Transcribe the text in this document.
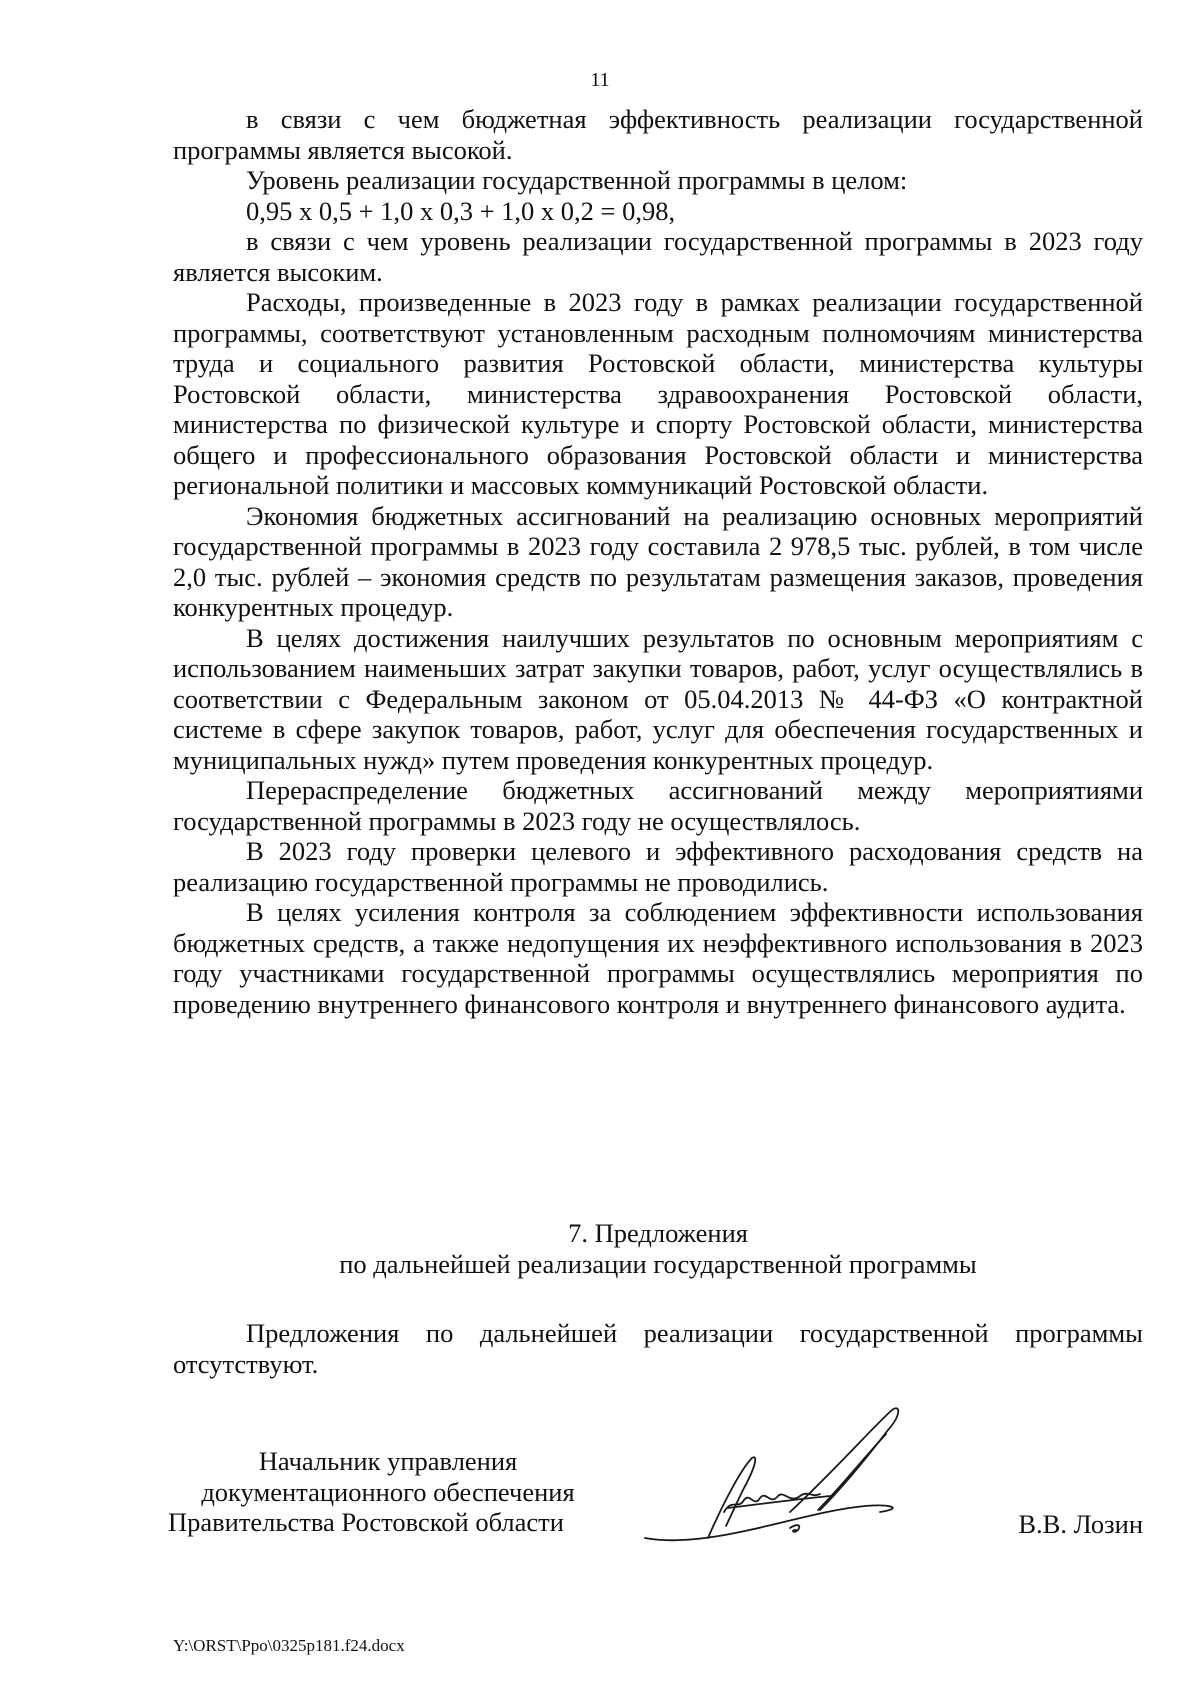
11

в связи с чем бюджетная эффективность реализации государственной программы является высокой.

Уровень реализации государственной программы в целом:

0,95 х 0,5 + 1,0 х 0,3 + 1,0 х 0,2 = 0,98,

в связи с чем уровень реализации государственной программы в 2023 году является высоким.

Расходы, произведенные в 2023 году в рамках реализации государственной программы, соответствуют установленным расходным полномочиям министерства труда и социального развития Ростовской области, министерства культуры Ростовской области, министерства здравоохранения Ростовской области, министерства по физической культуре и спорту Ростовской области, министерства общего и профессионального образования Ростовской области и министерства региональной политики и массовых коммуникаций Ростовской области.

Экономия бюджетных ассигнований на реализацию основных мероприятий государственной программы в 2023 году составила 2 978,5 тыс. рублей, в том числе 2,0 тыс. рублей – экономия средств по результатам размещения заказов, проведения конкурентных процедур.

В целях достижения наилучших результатов по основным мероприятиям с использованием наименьших затрат закупки товаров, работ, услуг осуществлялись в соответствии с Федеральным законом от 05.04.2013 № 44-ФЗ «О контрактной системе в сфере закупок товаров, работ, услуг для обеспечения государственных и муниципальных нужд» путем проведения конкурентных процедур.

Перераспределение бюджетных ассигнований между мероприятиями государственной программы в 2023 году не осуществлялось.

В 2023 году проверки целевого и эффективного расходования средств на реализацию государственной программы не проводились.

В целях усиления контроля за соблюдением эффективности использования бюджетных средств, а также недопущения их неэффективного использования в 2023 году участниками государственной программы осуществлялись мероприятия по проведению внутреннего финансового контроля и внутреннего финансового аудита.

7. Предложения
по дальнейшей реализации государственной программы

Предложения по дальнейшей реализации государственной программы отсутствуют.

Начальник управления
документационного обеспечения
Правительства Ростовской области	В.В. Лозин
Y:\ORST\Ppo\0325p181.f24.docx
